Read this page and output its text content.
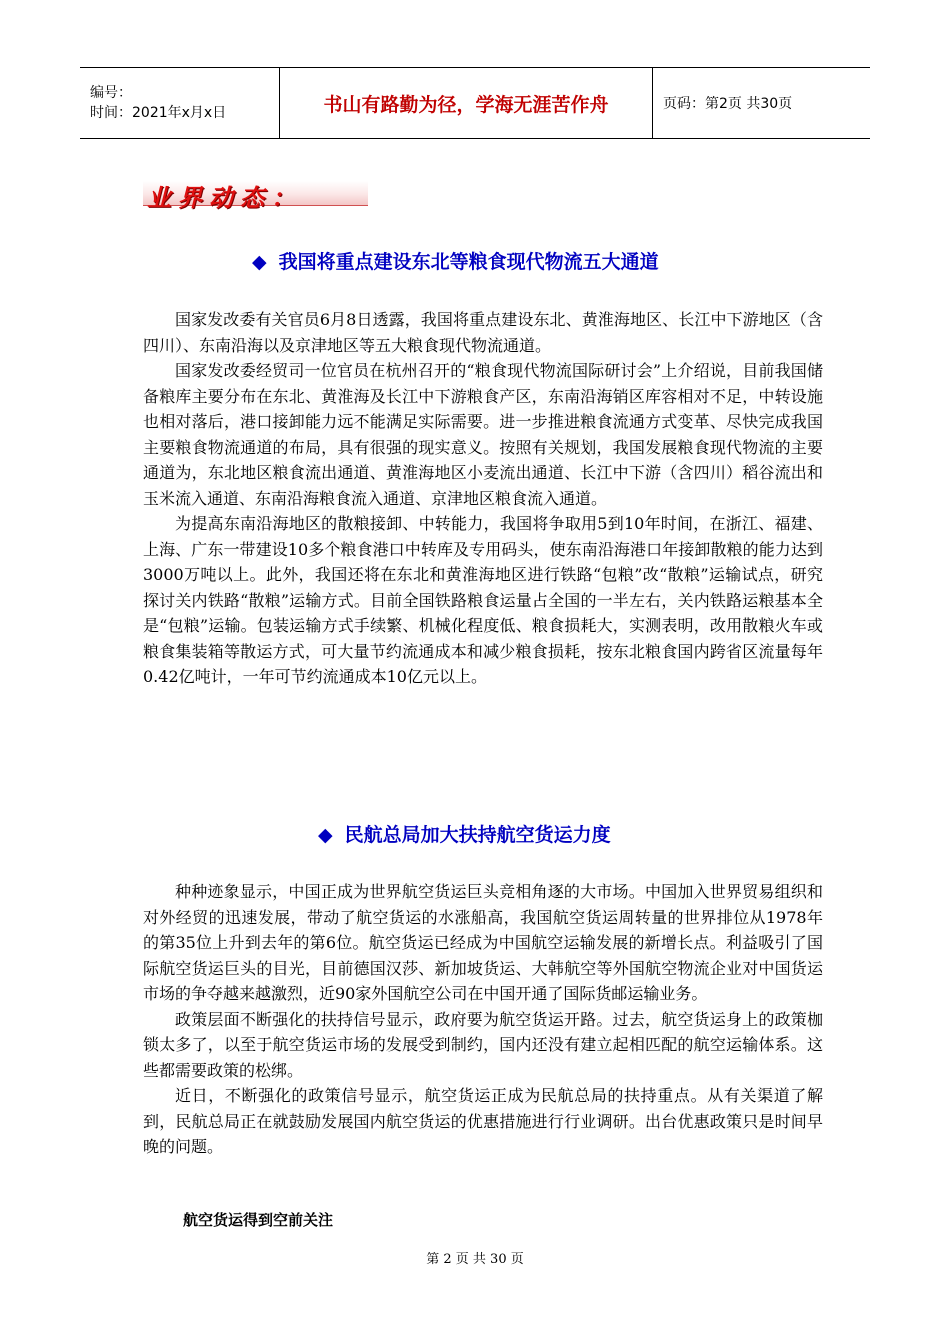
编号：
时间：2021年x月x日	书山有路勤为径，学海无涯苦作舟	页码：第2页 共30页
业界动态：
◆ 我国将重点建设东北等粮食现代物流五大通道

国家发改委有关官员6月8日透露，我国将重点建设东北、黄淮海地区、长江中下游地区（含四川）、东南沿海以及京津地区等五大粮食现代物流通道。

国家发改委经贸司一位官员在杭州召开的“粮食现代物流国际研讨会”上介绍说，目前我国储备粮库主要分布在东北、黄淮海及长江中下游粮食产区，东南沿海销区库容相对不足，中转设施也相对落后，港口接卸能力远不能满足实际需要。进一步推进粮食流通方式变革、尽快完成我国主要粮食物流通道的布局，具有很强的现实意义。按照有关规划，我国发展粮食现代物流的主要通道为，东北地区粮食流出通道、黄淮海地区小麦流出通道、长江中下游（含四川）稻谷流出和玉米流入通道、东南沿海粮食流入通道、京津地区粮食流入通道。

为提高东南沿海地区的散粮接卸、中转能力，我国将争取用5到10年时间，在浙江、福建、上海、广东一带建设10多个粮食港口中转库及专用码头，使东南沿海港口年接卸散粮的能力达到3000万吨以上。此外，我国还将在东北和黄淮海地区进行铁路“包粮”改“散粮”运输试点，研究探讨关内铁路“散粮”运输方式。目前全国铁路粮食运量占全国的一半左右，关内铁路运粮基本全是“包粮”运输。包装运输方式手续繁、机械化程度低、粮食损耗大，实测表明，改用散粮火车或粮食集装箱等散运方式，可大量节约流通成本和减少粮食损耗，按东北粮食国内跨省区流量每年0.42亿吨计，一年可节约流通成本10亿元以上。

◆ 民航总局加大扶持航空货运力度

种种迹象显示，中国正成为世界航空货运巨头竞相角逐的大市场。中国加入世界贸易组织和对外经贸的迅速发展，带动了航空货运的水涨船高，我国航空货运周转量的世界排位从1978年的第35位上升到去年的第6位。航空货运已经成为中国航空运输发展的新增长点。利益吸引了国际航空货运巨头的目光，目前德国汉莎、新加坡货运、大韩航空等外国航空物流企业对中国货运市场的争夺越来越激烈，近90家外国航空公司在中国开通了国际货邮运输业务。

政策层面不断强化的扶持信号显示，政府要为航空货运开路。过去，航空货运身上的政策枷锁太多了，以至于航空货运市场的发展受到制约，国内还没有建立起相匹配的航空运输体系。这些都需要政策的松绑。

近日，不断强化的政策信号显示，航空货运正成为民航总局的扶持重点。从有关渠道了解到，民航总局正在就鼓励发展国内航空货运的优惠措施进行行业调研。出台优惠政策只是时间早晚的问题。

航空货运得到空前关注
第 2 页 共 30 页
